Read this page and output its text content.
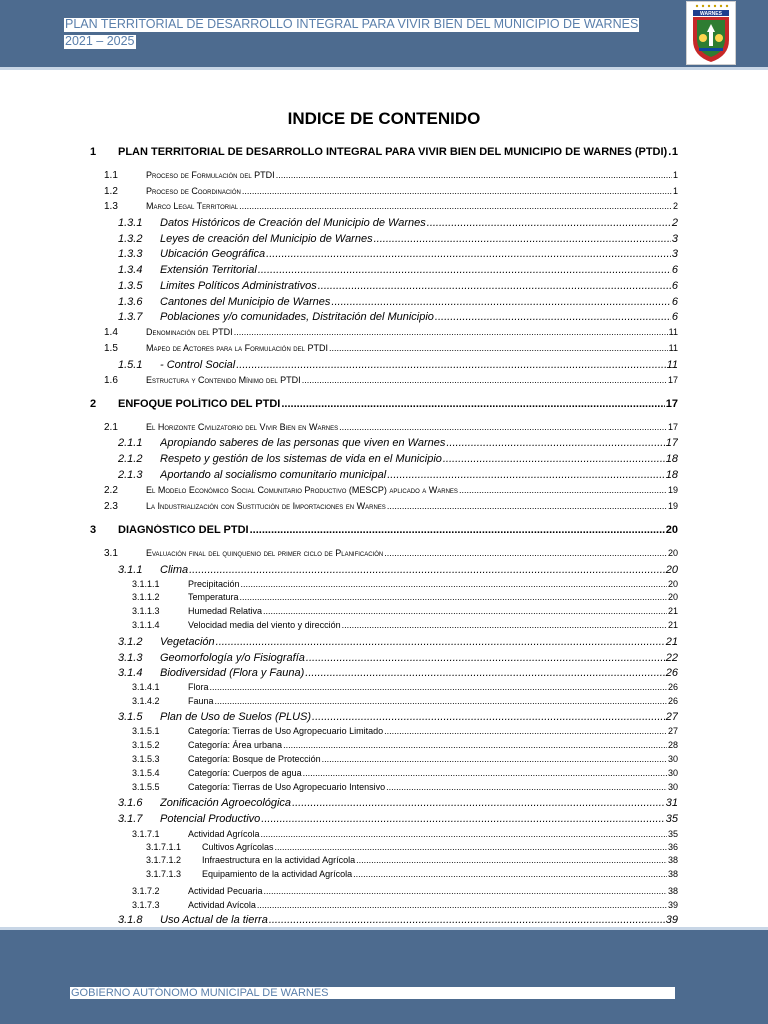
PLAN TERRITORIAL DE DESARROLLO INTEGRAL PARA VIVIR BIEN DEL MUNICIPIO DE WARNES
2021 – 2025
WARNES
INDICE DE CONTENIDO
1 PLAN TERRITORIAL DE DESARROLLO INTEGRAL PARA VIVIR BIEN DEL MUNICIPIO DE WARNES (PTDI) ..... 1
1.1	Proceso de Formulación del PTDI .....	1
1.2	Proceso de Coordinación .....	1
1.3	Marco Legal Territorial .....	2
1.3.1 Datos Históricos de Creación del Municipio de Warnes .....	2
1.3.2 Leyes de creación del Municipio de Warnes .....	3
1.3.3 Ubicación Geográfica .....	3
1.3.4 Extensión Territorial .....	6
1.3.5 Limites Políticos Administrativos .....	6
1.3.6 Cantones del Municipio de Warnes .....	6
1.3.7 Poblaciones y/o comunidades, Distritación del Municipio .....	6
1.4	Denominación del PTDI .....	11
1.5	Mapeo de Actores para la Formulación del PTDI .....	11
1.5.1 - Control Social .....	11
1.6	Estructura y Contenido Mínimo del PTDI .....	17
2 ENFOQUE POLÍTICO DEL PTDI .....	17
2.1	El Horizonte Civilizatorio del Vivir Bien en Warnes .....	17
2.1.1 Apropiando saberes de las personas que viven en Warnes .....	17
2.1.2 Respeto y gestión de los sistemas de vida en el Municipio .....	18
2.1.3 Aportando al socialismo comunitario municipal .....	18
2.2	El Modelo Económico Social Comunitario Productivo (MESCP) aplicado a Warnes .....	19
2.3	La Industrialización con Sustitución de Importaciones en Warnes .....	19
3 DIAGNÓSTICO DEL PTDI .....	20
3.1	Evaluación final del quinquenio del primer ciclo de Planificación .....	20
3.1.1 Clima .....	20
3.1.1.1	Precipitación .....	20
3.1.1.2	Temperatura .....	20
3.1.1.3	Humedad Relativa .....	21
3.1.1.4	Velocidad media del viento y dirección .....	21
3.1.2 Vegetación .....	21
3.1.3 Geomorfología y/o Fisiografía .....	22
3.1.4 Biodiversidad (Flora y Fauna) .....	26
3.1.4.1	Flora .....	26
3.1.4.2	Fauna .....	26
3.1.5 Plan de Uso de Suelos (PLUS) .....	27
3.1.5.1	Categoría: Tierras de Uso Agropecuario Limitado .....	27
3.1.5.2	Categoría: Área urbana .....	28
3.1.5.3	Categoría: Bosque de Protección .....	30
3.1.5.4	Categoría: Cuerpos de agua .....	30
3.1.5.5	Categoría: Tierras de Uso Agropecuario Intensivo .....	30
3.1.6 Zonificación Agroecológica .....	31
3.1.7 Potencial Productivo .....	35
3.1.7.1	Actividad Agrícola .....	35
3.1.7.1.1 Cultivos Agrícolas .....	36
3.1.7.1.2 Infraestructura en la actividad Agrícola .....	38
3.1.7.1.3 Equipamiento de la actividad Agrícola .....	38
3.1.7.2	Actividad Pecuaria .....	38
3.1.7.3	Actividad Avícola .....	39
3.1.8 Uso Actual de la tierra .....	39
GOBIERNO AUTÓNOMO MUNICIPAL DE WARNES
